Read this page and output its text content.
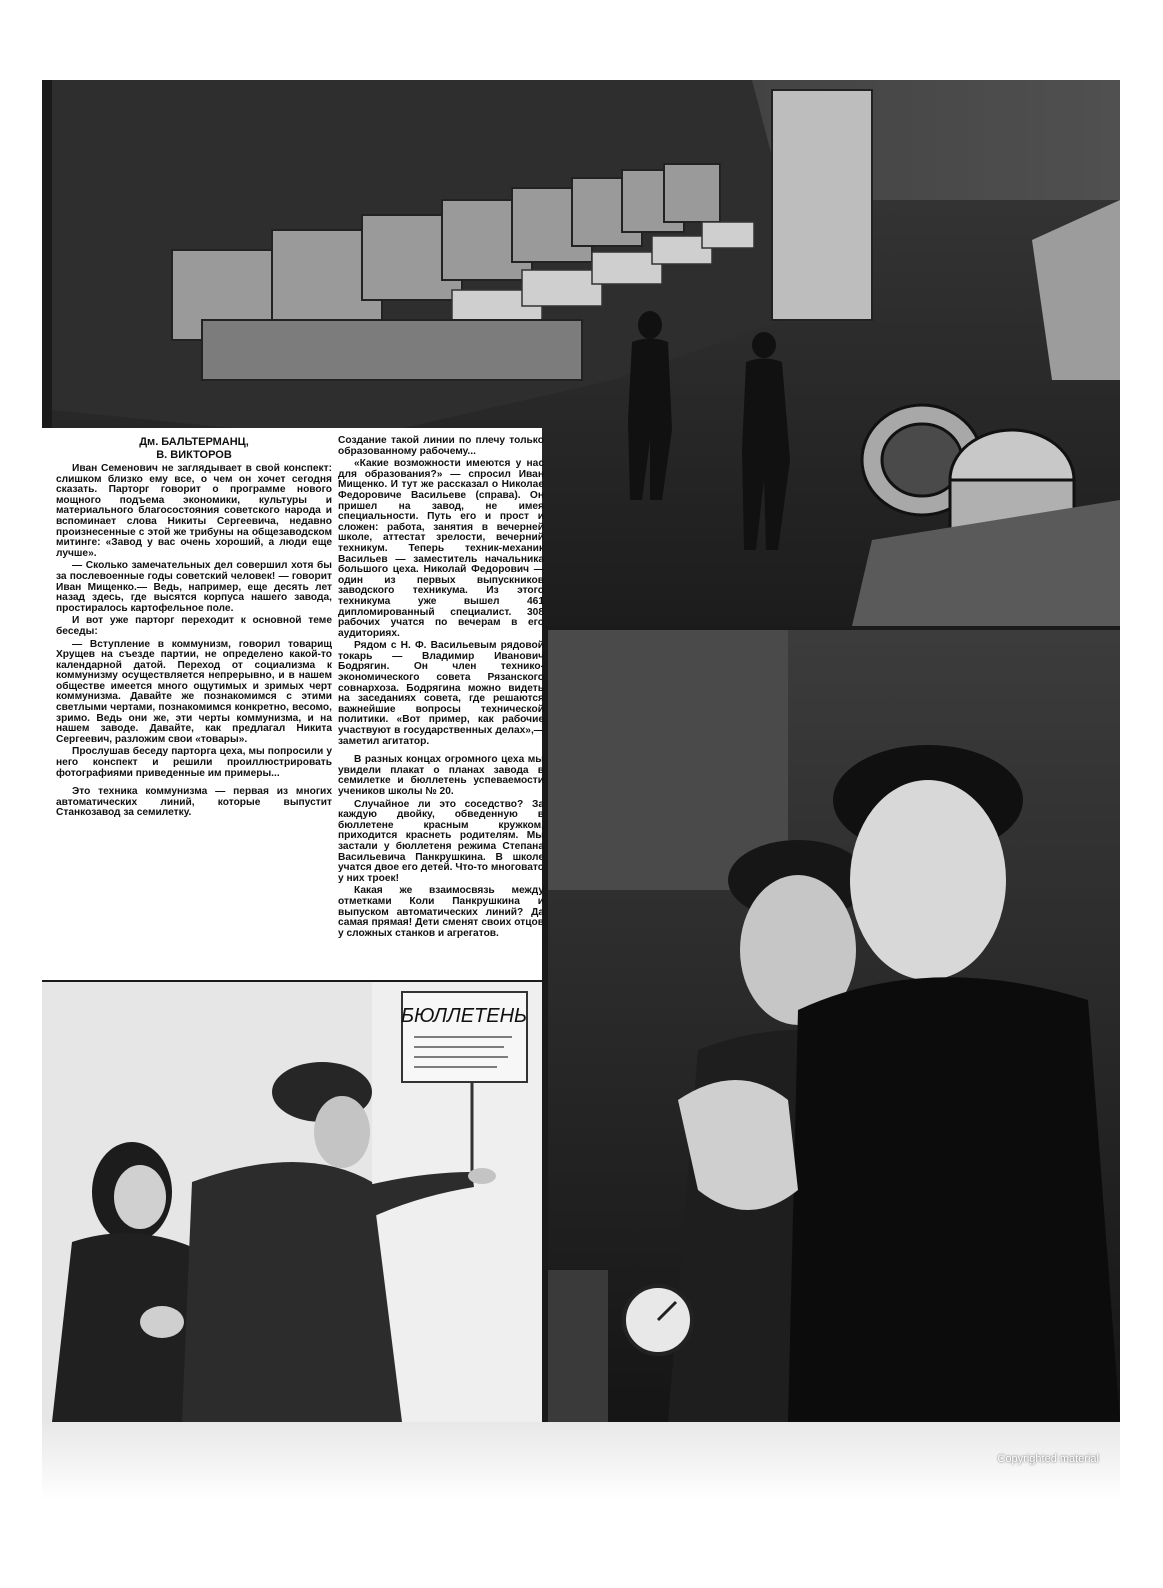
БЮЛЛЕТЕНЬ

Дм. БАЛЬТЕРМАНЦ,
В. ВИКТОРОВ

Иван Семенович не заглядывает в свой конспект: слишком близко ему все, о чем он хочет сегодня сказать. Парторг говорит о программе нового мощного подъема экономики, культуры и материального благосостояния советского народа и вспоминает слова Никиты Сергеевича, недавно произнесенные с этой же трибуны на общезаводском митинге: «Завод у вас очень хороший, а люди еще лучше».

— Сколько замечательных дел совершил хотя бы за послевоенные годы советский человек! — говорит Иван Мищенко.— Ведь, например, еще десять лет назад здесь, где высятся корпуса нашего завода, простиралось картофельное поле.

И вот уже парторг переходит к основной теме беседы:

— Вступление в коммунизм, говорил товарищ Хрущев на съезде партии, не определено какой-то календарной датой. Переход от социализма к коммунизму осуществляется непрерывно, и в нашем обществе имеется много ощутимых и зримых черт коммунизма. Давайте же познакомимся с этими светлыми чертами, познакомимся конкретно, весомо, зримо. Ведь они же, эти черты коммунизма, и на нашем заводе. Давайте, как предлагал Никита Сергеевич, разложим свои «товары».

Прослушав беседу парторга цеха, мы попросили у него конспект и решили проиллюстрировать фотографиями приведенные им примеры...

Это техника коммунизма — первая из многих автоматических линий, которые выпустит Станкозавод за семилетку.

Создание такой линии по плечу только образованному рабочему...

«Какие возможности имеются у нас для образования?» — спросил Иван Мищенко. И тут же рассказал о Николае Федоровиче Васильеве (справа). Он пришел на завод, не имея специальности. Путь его и прост и сложен: работа, занятия в вечерней школе, аттестат зрелости, вечерний техникум. Теперь техник-механик Васильев — заместитель начальника большого цеха. Николай Федорович — один из первых выпускников заводского техникума. Из этого техникума уже вышел 461 дипломированный специалист. 308 рабочих учатся по вечерам в его аудиториях.

Рядом с Н. Ф. Васильевым рядовой токарь — Владимир Иванович Бодрягин. Он член технико-экономического совета Рязанского совнархоза. Бодрягина можно видеть на заседаниях совета, где решаются важнейшие вопросы технической политики. «Вот пример, как рабочие участвуют в государственных делах»,— заметил агитатор.

В разных концах огромного цеха мы увидели плакат о планах завода в семилетке и бюллетень успеваемости учеников школы № 20.

Случайное ли это соседство? За каждую двойку, обведенную в бюллетене красным кружком, приходится краснеть родителям. Мы застали у бюллетеня режима Степана Васильевича Панкрушкина. В школе учатся двое его детей. Что-то многовато у них троек!

Какая же взаимосвязь между отметками Коли Панкрушкина и выпуском автоматических линий? Да самая прямая! Дети сменят своих отцов у сложных станков и агрегатов.

Copyrighted material
